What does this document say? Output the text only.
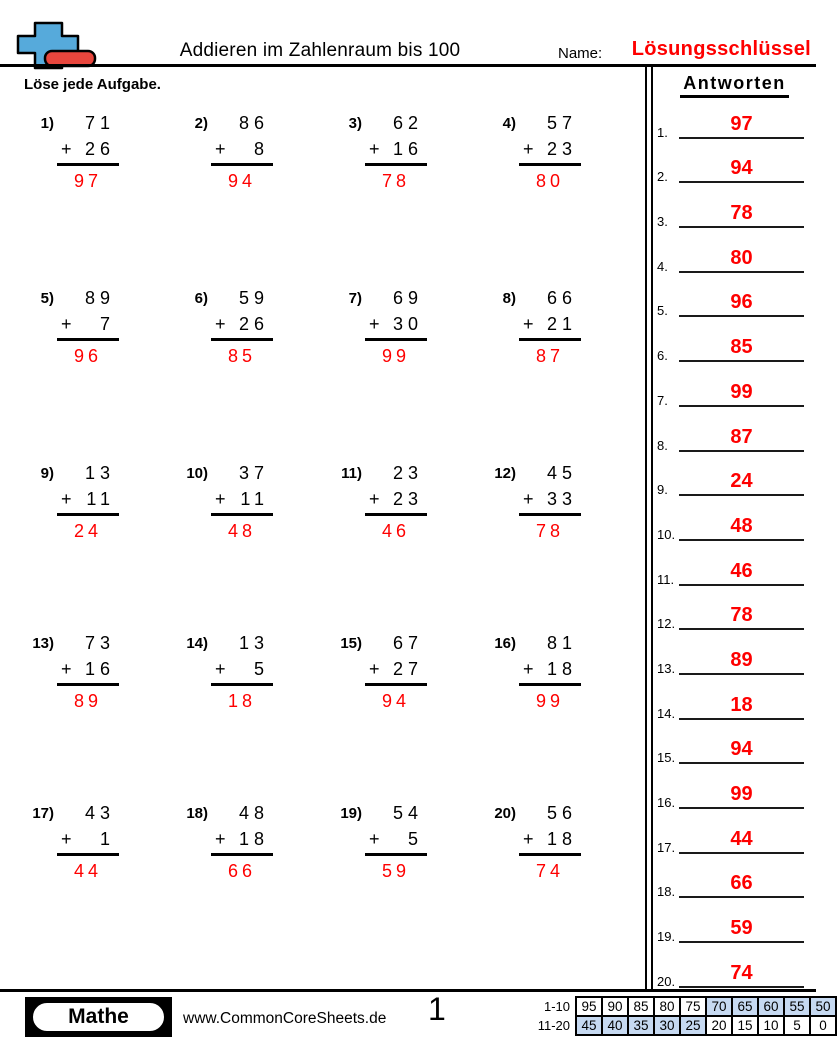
Addieren im Zahlenraum bis 100	Name: Lösungsschlüssel
Löse jede Aufgabe.
1)	71
+ 26
97
2)	86
+ 8
94
3)	62
+ 16
78
4)	57
+ 23
80
5)	89
+ 7
96
6)	59
+ 26
85
7)	69
+ 30
99
8)	66
+ 21
87
9)	13
+ 11
24
10)	37
+ 11
48
11)	23
+ 23
46
12)	45
+ 33
78
13)	73
+ 16
89
14)	13
+ 5
18
15)	67
+ 27
94
16)	81
+ 18
99
17)	43
+ 1
44
18)	48
+ 18
66
19)	54
+ 5
59
20)	56
+ 18
74
Antworten
1.	97
2.	94
3.	78
4.	80
5.	96
6.	85
7.	99
8.	87
9.	24
10.	48
11.	46
12.	78
13.	89
14.	18
15.	94
16.	99
17.	44
18.	66
19.	59
20.	74
Mathe	www.CommonCoreSheets.de 1	1-10	95	90	85	80	75	70	65	60	55	50
11-20	45	40	35	30	25	20	15	10	5	0
